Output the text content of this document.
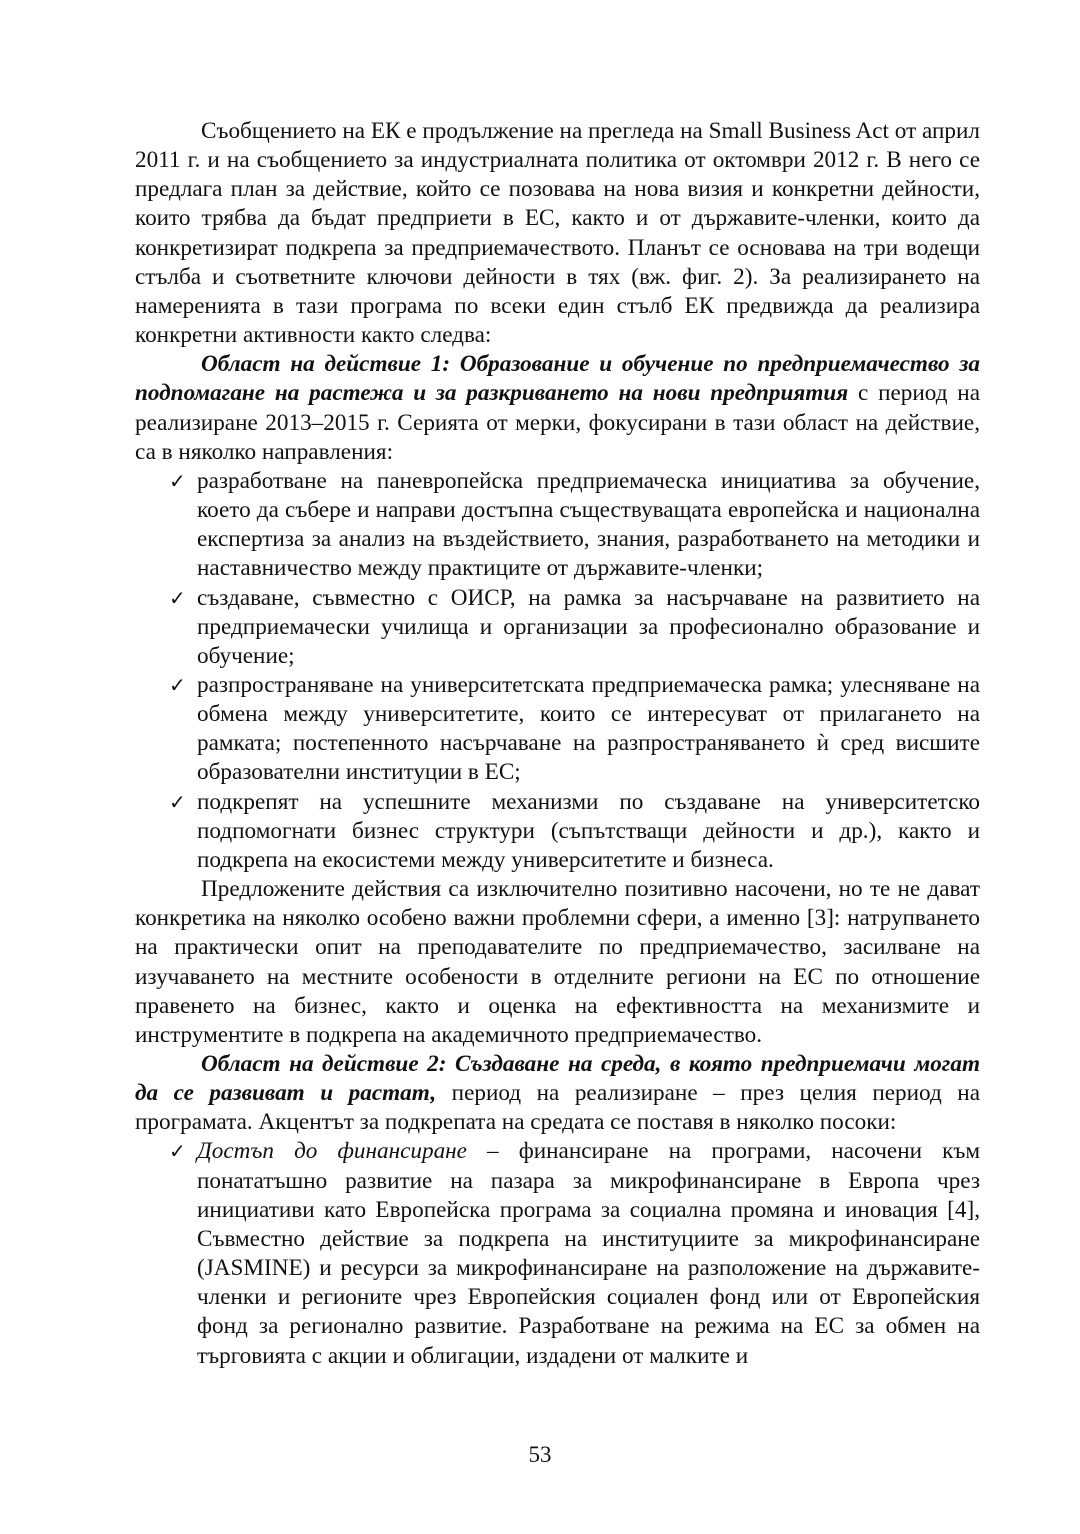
Съобщението на ЕК е продължение на прегледа на Small Business Act от април 2011 г. и на съобщението за индустриалната политика от октомври 2012 г. В него се предлага план за действие, който се позовава на нова визия и конкретни дейности, които трябва да бъдат предприети в ЕС, както и от държавите-членки, които да конкретизират подкрепа за предприемачеството. Планът се основава на три водещи стълба и съответните ключови дейности в тях (вж. фиг. 2). За реализирането на намеренията в тази програма по всеки един стълб ЕК предвижда да реализира конкретни активности както следва:

Област на действие 1: Образование и обучение по предприемачество за подпомагане на растежа и за разкриването на нови предприятия с период на реализиране 2013–2015 г. Серията от мерки, фокусирани в тази област на действие, са в няколко направления:

✓ разработване на паневропейска предприемаческа инициатива за обучение, което да събере и направи достъпна съществуващата европейска и национална експертиза за анализ на въздействието, знания, разработването на методики и наставничество между практиците от държавите-членки;
✓ създаване, съвместно с ОИСР, на рамка за насърчаване на развитието на предприемачески училища и организации за професионално образование и обучение;
✓ разпространяване на университетската предприемаческа рамка; улесняване на обмена между университетите, които се интересуват от прилагането на рамката; постепенното насърчаване на разпространяването ѝ сред висшите образователни институции в ЕС;
✓ подкрепят на успешните механизми по създаване на университетско подпомогнати бизнес структури (съпътстващи дейности и др.), както и подкрепа на екосистеми между университетите и бизнеса.

Предложените действия са изключително позитивно насочени, но те не дават конкретика на няколко особено важни проблемни сфери, а именно [3]: натрупването на практически опит на преподавателите по предприемачество, засилване на изучаването на местните особености в отделните региони на ЕС по отношение правенето на бизнес, както и оценка на ефективността на механизмите и инструментите в подкрепа на академичното предприемачество.

Област на действие 2: Създаване на среда, в която предприемачи могат да се развиват и растат, период на реализиране – през целия период на програмата. Акцентът за подкрепата на средата се поставя в няколко посоки:

✓ Достъп до финансиране – финансиране на програми, насочени към понататъшно развитие на пазара за микрофинансиране в Европа чрез инициативи като Европейска програма за социална промяна и иновация [4], Съвместно действие за подкрепа на институциите за микрофинансиране (JASMINE) и ресурси за микрофинансиране на разположение на държавите-членки и регионите чрез Европейския социален фонд или от Европейския фонд за регионално развитие. Разработване на режима на ЕС за обмен на търговията с акции и облигации, издадени от малките и
53
